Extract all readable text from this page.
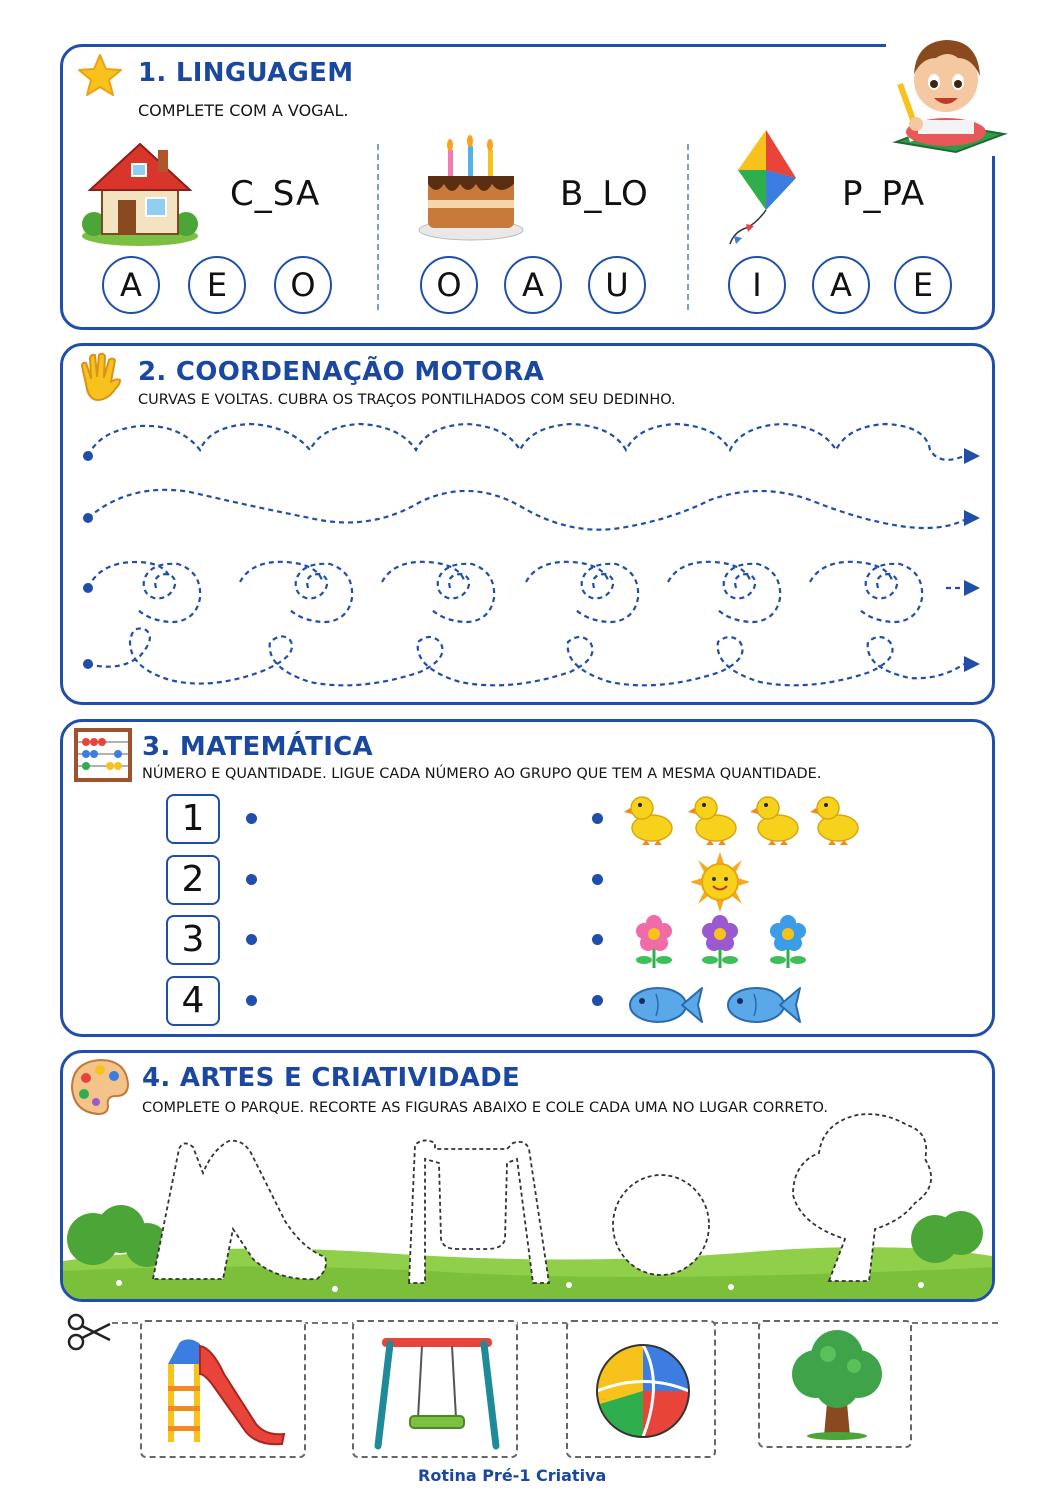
1. LINGUAGEM
COMPLETE COM A VOGAL.
C_SA
A	E	O
B_LO
O	A	U
P_PA
I	A	E
2. COORDENAÇÃO MOTORA
CURVAS E VOLTAS. CUBRA OS TRAÇOS PONTILHADOS COM SEU DEDINHO.
3. MATEMÁTICA
NÚMERO E QUANTIDADE. LIGUE CADA NÚMERO AO GRUPO QUE TEM A MESMA QUANTIDADE.
1
2
3
4
4. ARTES E CRIATIVIDADE
COMPLETE O PARQUE. RECORTE AS FIGURAS ABAIXO E COLE CADA UMA NO LUGAR CORRETO.
Rotina Pré-1 Criativa
